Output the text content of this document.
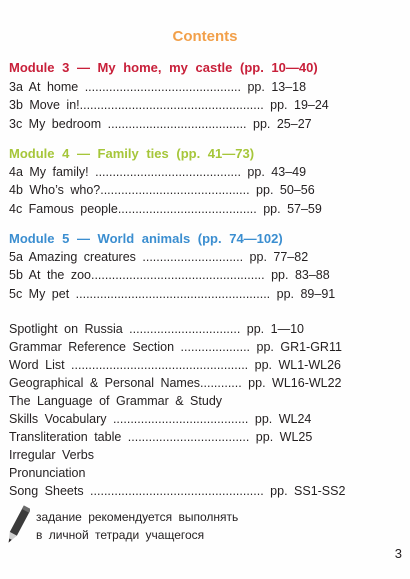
Contents
Module 3 — My home, my castle (pp. 10—40)
3a At home ............................................. pp. 13–18
3b Move in!..................................................... pp. 19–24
3c My bedroom ........................................ pp. 25–27
Module 4 — Family ties (pp. 41—73)
4a My family! .......................................... pp. 43–49
4b Who’s who?........................................... pp. 50–56
4c Famous people........................................ pp. 57–59
Module 5 — World animals (pp. 74—102)
5a Amazing creatures ............................. pp. 77–82
5b At the zoo.................................................. pp. 83–88
5c My pet ........................................................ pp. 89–91
Spotlight on Russia ................................ pp. 1—10
Grammar Reference Section .................... pp. GR1-GR11
Word List ................................................... pp. WL1-WL26
Geographical & Personal Names............ pp. WL16-WL22
The Language of Grammar & Study
Skills Vocabulary ....................................... pp. WL24
Transliteration table ................................... pp. WL25
Irregular Verbs
Pronunciation
Song Sheets .................................................. pp. SS1-SS2
задание рекомендуется выполнять
в личной тетради учащегося
3
